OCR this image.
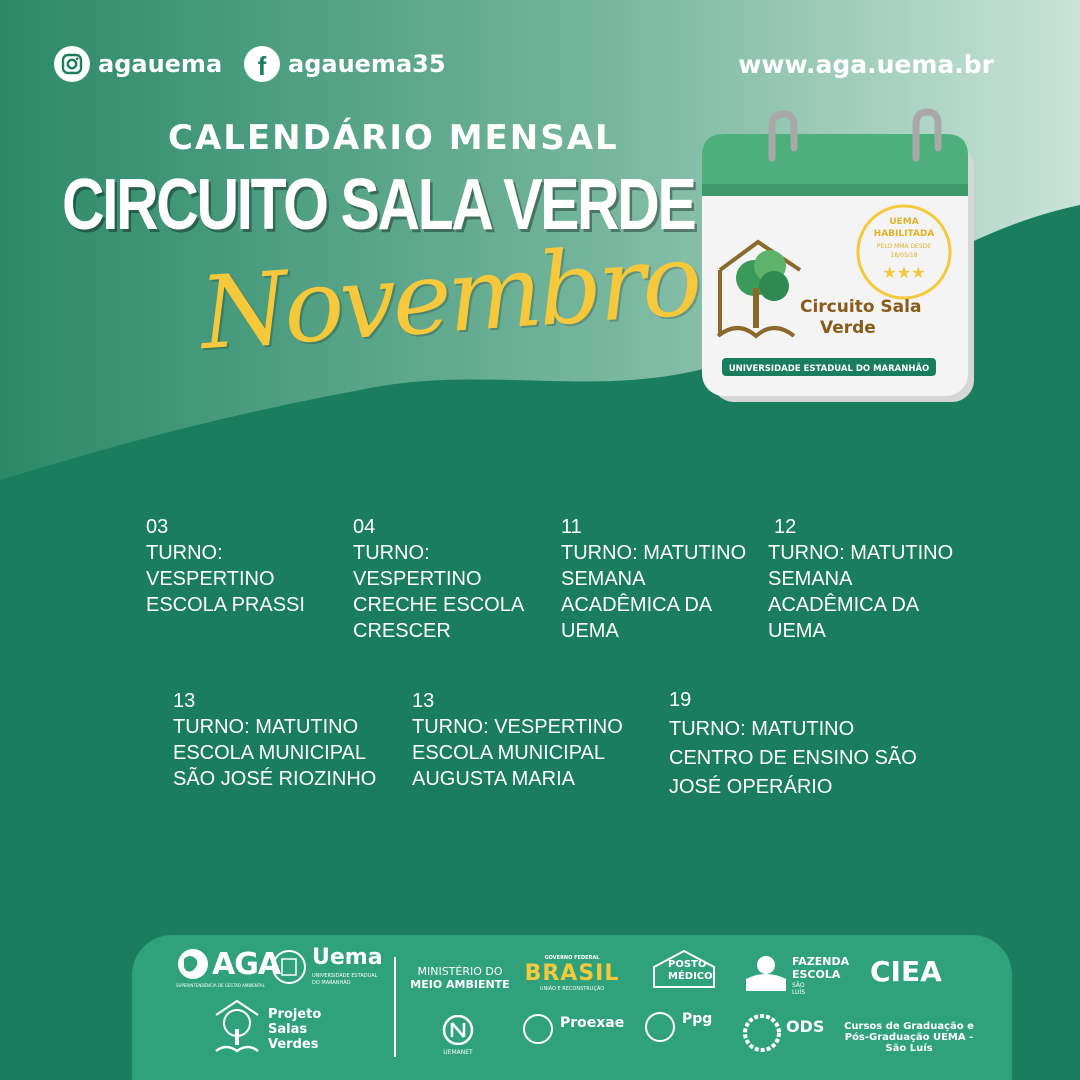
agauema f agauema35	www.aga.uema.br
CALENDÁRIO MENSAL
CIRCUITO SALA VERDE
Novembro	UEMA
HABILITADA
PELO MMA DESDE
18/05/18
★★★
Circuito Sala
Verde
UNIVERSIDADE ESTADUAL DO MARANHÃO
03
TURNO:
VESPERTINO
ESCOLA PRASSI
04
TURNO:
VESPERTINO
CRECHE ESCOLA
CRESCER
11
TURNO: MATUTINO
SEMANA
ACADÊMICA DA
UEMA
12
TURNO: MATUTINO
SEMANA
ACADÊMICA DA
UEMA
13
TURNO: MATUTINO
ESCOLA MUNICIPAL
SÃO JOSÉ RIOZINHO
13
TURNO: VESPERTINO
ESCOLA MUNICIPAL
AUGUSTA MARIA
19
TURNO: MATUTINO
CENTRO DE ENSINO SÃO
JOSÉ OPERÁRIO
AGA
SUPERINTENDÊNCIA DE GESTÃO AMBIENTAL
Uema
UNIVERSIDADE ESTADUAL
DO MARANHÃO
MINISTÉRIO DO
MEIO AMBIENTE
GOVERNO FEDERAL
BRASIL
UNIÃO E RECONSTRUÇÃO
POSTO
MÉDICO
FAZENDA
ESCOLA
SÃO LUÍS
CIEA
Projeto
Salas
Verdes
UEMANET
Proexae	Ppg	ODS Cursos de Graduação e
Pós-Graduação UEMA -
São Luís
